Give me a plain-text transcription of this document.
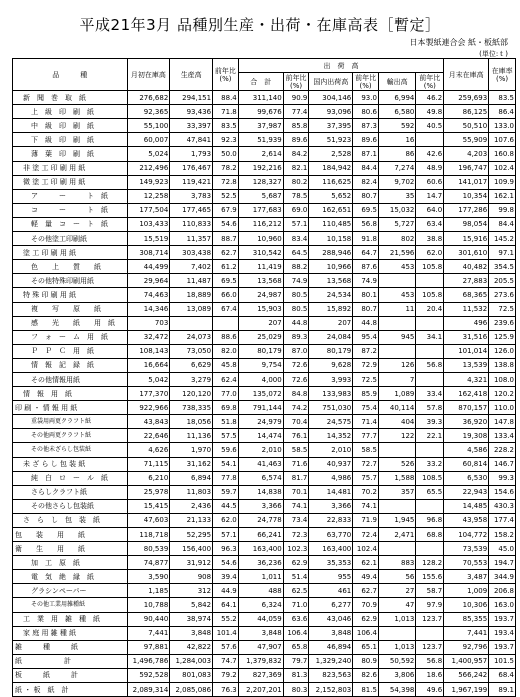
平成21年3月 品種別生産・出荷・在庫高表［暫定］
日本製紙連合会 紙・板紙部
(単位:ｔ)
品　　　種	月初在庫高	生産高	前年比(%)	出　荷　高						月末在庫高	在庫率(%)
				合　計	前年比(%)	国内出荷高	前年比(%)	輸出高	前年比(%)		
新　聞　巻　取　紙	276,682	294,151	88.4	311,140	90.9	304,146	93.0	6,994	46.2	259,693	83.5
上　級　印　刷　紙	92,365	93,436	71.8	99,676	77.4	93,096	80.6	6,580	49.8	86,125	86.4
中　級　印　刷　紙	55,100	33,397	83.5	37,987	85.8	37,395	87.3	592	40.5	50,510	133.0
下　級　印　刷　紙	60,007	47,841	92.3	51,939	89.6	51,923	89.6	16		55,909	107.6
薄　葉　印　刷　紙	5,024	1,793	50.0	2,614	84.2	2,528	87.1	86	42.6	4,203	160.8
非 塗 工 印 刷 用 紙	212,496	176,467	78.2	192,216	82.1	184,942	84.4	7,274	48.9	196,747	102.4
微 塗 工 印 刷 用 紙	149,923	119,421	72.8	128,327	80.2	116,625	82.4	9,702	60.6	141,017	109.9
ア　　　ー　　　ト　紙	12,258	3,783	52.5	5,687	78.5	5,652	80.7	35	14.7	10,354	162.1
コ　　　ー　　　ト　紙	177,504	177,465	67.9	177,683	69.0	162,651	69.5	15,032	64.0	177,286	99.8
軽　量　コ　ー　ト　紙	103,433	110,833	54.6	116,212	57.1	110,485	56.8	5,727	63.4	98,054	84.4
その他塗工印刷紙	15,519	11,357	88.7	10,960	83.4	10,158	91.8	802	38.8	15,916	145.2
塗 工 印 刷 用 紙	308,714	303,438	62.7	310,542	64.5	288,946	64.7	21,596	62.0	301,610	97.1
色　　上　　質　　紙	44,499	7,402	61.2	11,419	88.2	10,966	87.6	453	105.8	40,482	354.5
その他特殊印刷用紙	29,964	11,487	69.5	13,568	74.9	13,568	74.9			27,883	205.5
特 殊 印 刷 用 紙	74,463	18,889	66.0	24,987	80.5	24,534	80.1	453	105.8	68,365	273.6
複　　写　　原　　紙	14,346	13,089	67.4	15,903	80.5	15,892	80.7	11	20.4	11,532	72.5
感　　光　　紙　　用　紙	703			207	44.8	207	44.8			496	239.6
フ　ォ　ー　ム　用　紙	32,472	24,073	88.6	25,029	89.3	24,084	95.4	945	34.1	31,516	125.9
Ｐ　Ｐ　Ｃ　用　紙	108,143	73,050	82.0	80,179	87.0	80,179	87.2			101,014	126.0
情　報　記　録　紙	16,664	6,629	45.8	9,754	72.6	9,628	72.9	126	56.8	13,539	138.8
その他情報用紙	5,042	3,279	62.4	4,000	72.6	3,993	72.5	7		4,321	108.0
情　報　用　紙	177,370	120,120	77.0	135,072	84.8	133,983	85.9	1,089	33.4	162,418	120.2
印 刷 ・ 情 報 用 紙	922,966	738,335	69.8	791,144	74.2	751,030	75.4	40,114	57.8	870,157	110.0
重袋用両更クラフト紙	43,843	18,056	51.8	24,979	70.4	24,575	71.4	404	39.3	36,920	147.8
その他両更クラフト紙	22,646	11,136	57.5	14,474	76.1	14,352	77.7	122	22.1	19,308	133.4
その他未ざらし包装紙	4,626	1,970	59.6	2,010	58.5	2,010	58.5			4,586	228.2
未 ざ ら し 包 装 紙	71,115	31,162	54.1	41,463	71.6	40,937	72.7	526	33.2	60,814	146.7
純　白　ロ　ー　ル　紙	6,210	6,894	77.8	6,574	81.7	4,986	75.7	1,588	108.5	6,530	99.3
さらしクラフト紙	25,978	11,803	59.7	14,838	70.1	14,481	70.2	357	65.5	22,943	154.6
その他さらし包装紙	15,415	2,436	44.5	3,366	74.1	3,366	74.1			14,485	430.3
さ　ら　し　包　装　紙	47,603	21,133	62.0	24,778	73.4	22,833	71.9	1,945	96.8	43,958	177.4
包　　装　　用　　紙	118,718	52,295	57.1	66,241	72.3	63,770	72.4	2,471	68.8	104,772	158.2
衛　　生　　用　　紙	80,539	156,400	96.3	163,400	102.3	163,400	102.4			73,539	45.0
加　工　原　紙	74,877	31,912	54.6	36,236	62.9	35,353	62.1	883	128.2	70,553	194.7
電　気　絶　縁　紙	3,590	908	39.4	1,011	51.4	955	49.4	56	155.6	3,487	344.9
グラシンペーパー	1,185	312	44.9	488	62.5	461	62.7	27	58.7	1,009	206.8
その他工業用雑種紙	10,788	5,842	64.1	6,324	71.0	6,277	70.9	47	97.9	10,306	163.0
工　業　用　雑　種　紙	90,440	38,974	55.2	44,059	63.6	43,046	62.9	1,013	123.7	85,355	193.7
家 庭 用 雑 種 紙	7,441	3,848	101.4	3,848	106.4	3,848	106.4			7,441	193.4
雑　　　種　　　紙	97,881	42,822	57.6	47,907	65.8	46,894	65.1	1,013	123.7	92,796	193.7
紙　　　　　　計	1,496,786	1,284,003	74.7	1,379,832	79.7	1,329,240	80.9	50,592	56.8	1,400,957	101.5
板　　　紙　　　計	592,528	801,083	79.2	827,369	81.3	823,563	82.6	3,806	18.6	566,242	68.4
紙 ・ 板　紙　計	2,089,314	2,085,086	76.3	2,207,201	80.3	2,152,803	81.5	54,398	49.6	1,967,199	89.1
